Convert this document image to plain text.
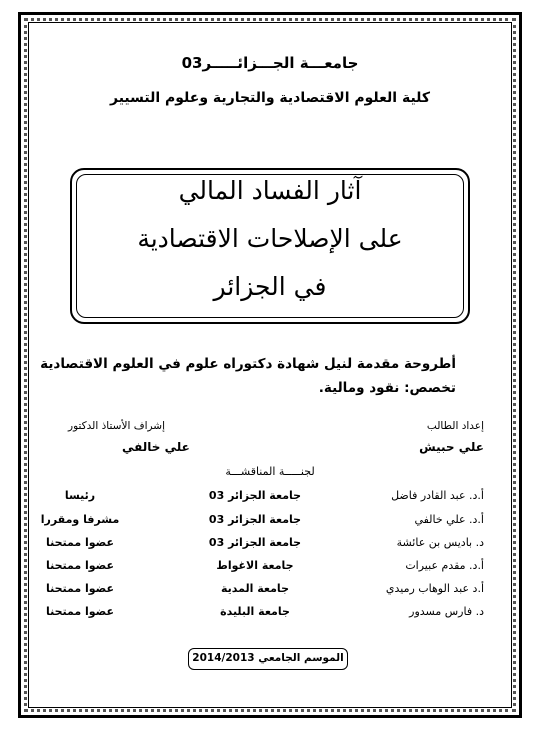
جامعـــة الجـــزائـــــر03
كلية العلوم الاقتصادية والتجارية وعلوم التسيير
آثار الفساد المالي
على الإصلاحات الاقتصادية
في الجزائر
أطروحة مقدمة لنيل شهادة دكتوراه علوم في العلوم الاقتصادية
تخصص: نقود ومالية.
إعداد الطالب
علي حبيش
إشراف الأستاذ الدكتور
علي خالفي
لجنـــــة المناقشـــة
أ.د. عبد القادر فاضل
جامعة الجزائر 03
رئيسا
أ.د. علي خالفي
جامعة الجزائر 03
مشرفا ومقررا
د. باديس بن عائشة
جامعة الجزائر 03
عضوا ممتحنا
أ.د. مقدم عبيرات
جامعة الاغواط
عضوا ممتحنا
أ.د عبد الوهاب رميدي
جامعة المدية
عضوا ممتحنا
د. فارس مسدور
جامعة البليدة
عضوا ممتحنا
الموسم الجامعي 2014/2013
